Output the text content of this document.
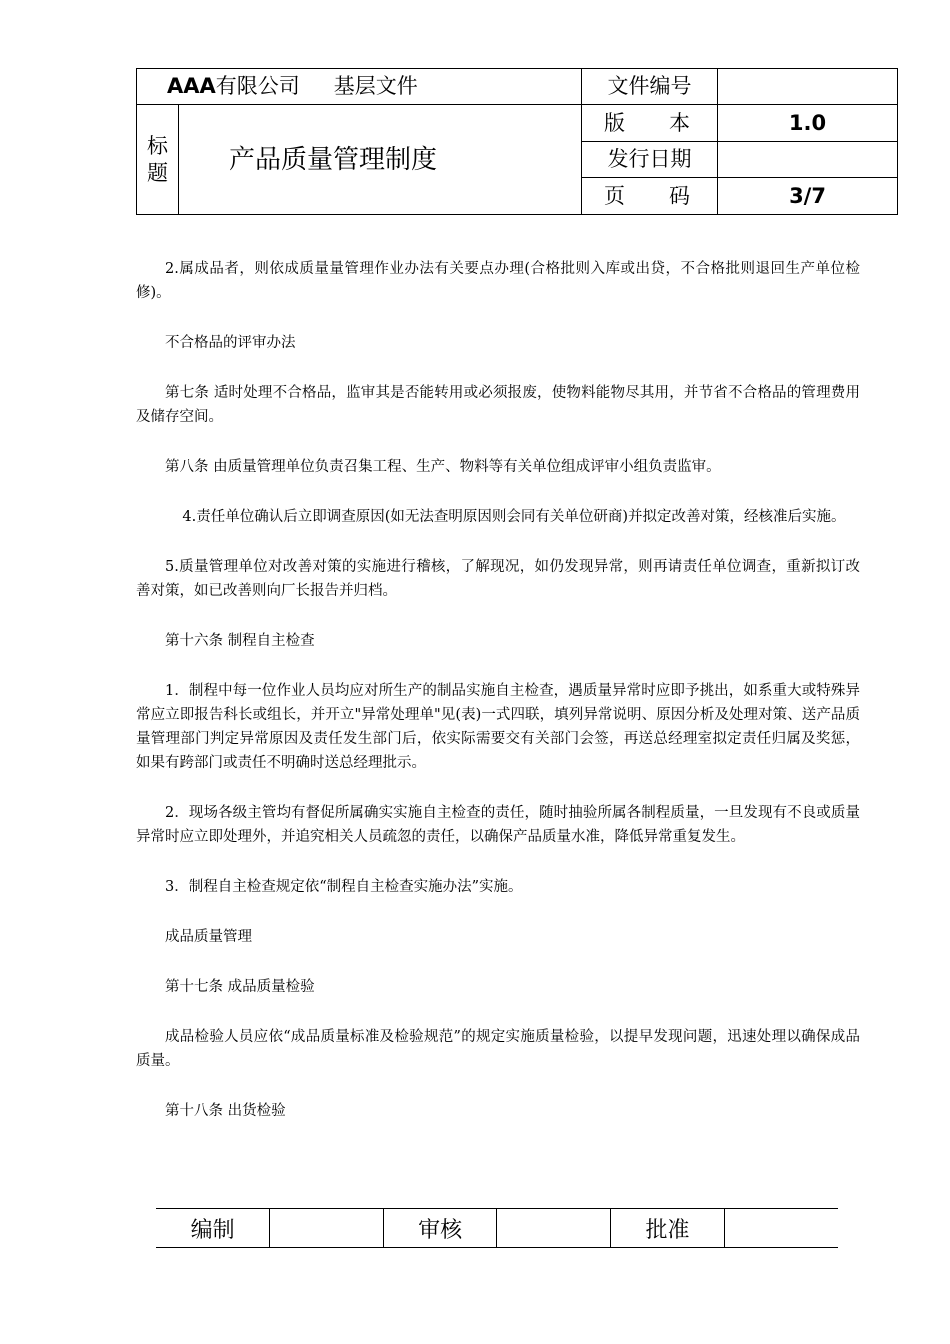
AAA有限公司 基层文件		文件编号	
标题	产品质量管理制度	版 本	1.0
		发行日期	

		页 码	3/7

2.属成品者，则依成质量量管理作业办法有关要点办理(合格批则入库或出贷，不合格批则退回生产单位检修)。

不合格品的评审办法

第七条 适时处理不合格品，监审其是否能转用或必须报废，使物料能物尽其用，并节省不合格品的管理费用及储存空间。

第八条 由质量管理单位负责召集工程、生产、物料等有关单位组成评审小组负责监审。

4.责任单位确认后立即调查原因(如无法查明原因则会同有关单位研商)并拟定改善对策，经核准后实施。

5.质量管理单位对改善对策的实施进行稽核，了解现况，如仍发现异常，则再请责任单位调查，重新拟订改善对策，如已改善则向厂长报告并归档。

第十六条 制程自主检查

1．制程中每一位作业人员均应对所生产的制品实施自主检查，遇质量异常时应即予挑出，如系重大或特殊异常应立即报告科长或组长，并开立"异常处理单"见(表)一式四联，填列异常说明、原因分析及处理对策、送产品质量管理部门判定异常原因及责任发生部门后，依实际需要交有关部门会签，再送总经理室拟定责任归属及奖惩，如果有跨部门或责任不明确时送总经理批示。

2．现场各级主管均有督促所属确实实施自主检查的责任，随时抽验所属各制程质量，一旦发现有不良或质量异常时应立即处理外，并追究相关人员疏忽的责任，以确保产品质量水准，降低异常重复发生。

3．制程自主检查规定依“制程自主检查实施办法”实施。

成品质量管理

第十七条 成品质量检验

成品检验人员应依“成品质量标准及检验规范”的规定实施质量检验，以提早发现问题，迅速处理以确保成品质量。

第十八条 出货检验

编制		审核		批准	
